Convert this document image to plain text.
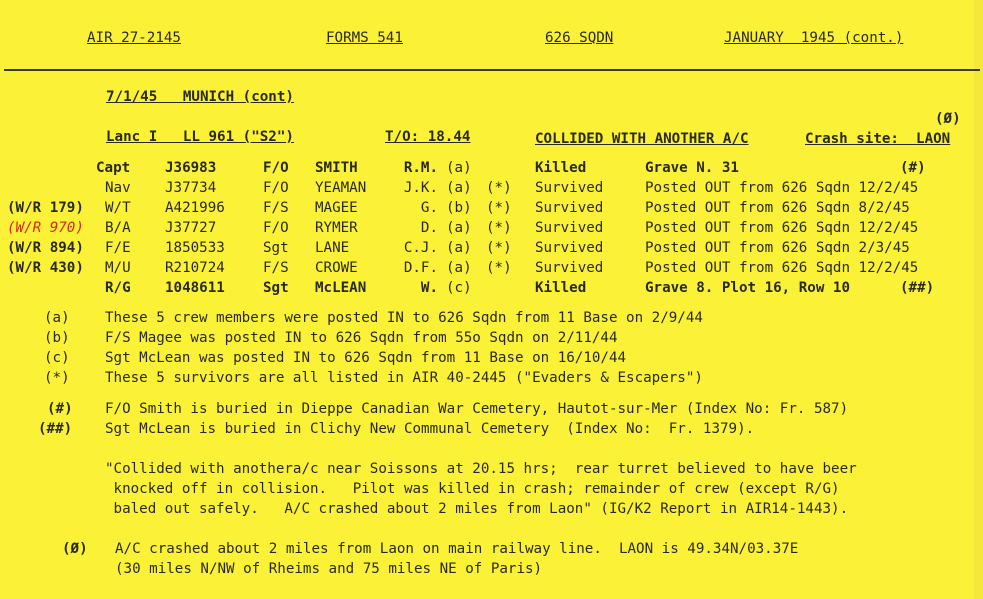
AIR 27-2145	FORMS 541	626 SQDN	JANUARY  1945 (cont.)
7/1/45   MUNICH (cont)
(Ø)
Lanc I   LL 961 ("S2")	T/O: 18.44	COLLIDED WITH ANOTHER A/C	Crash site:  LAON
Capt J36983	F/O SMITH	R.M. (a)	Killed	Grave N. 31	(#)
Nav J37734	F/O YEAMAN	J.K. (a) (*) Survived	Posted OUT from 626 Sqdn 12/2/45
(W/R 179) W/T A421996	F/S MAGEE	G. (b) (*) Survived	Posted OUT from 626 Sqdn 8/2/45
(W/R 970) B/A J37727	F/O RYMER	D. (a) (*) Survived	Posted OUT from 626 Sqdn 12/2/45
(W/R 894) F/E 1850533	Sgt LANE	C.J. (a) (*) Survived	Posted OUT from 626 Sqdn 2/3/45
(W/R 430) M/U R210724	F/S CROWE	D.F. (a) (*) Survived	Posted OUT from 626 Sqdn 12/2/45
R/G 1048611	Sgt McLEAN	W. (c)	Killed	Grave 8. Plot 16, Row 10	(##)
(a) These 5 crew members were posted IN to 626 Sqdn from 11 Base on 2/9/44
(b) F/S Magee was posted IN to 626 Sqdn from 55o Sqdn on 2/11/44
(c) Sgt McLean was posted IN to 626 Sqdn from 11 Base on 16/10/44
(*) These 5 survivors are all listed in AIR 40-2445 ("Evaders & Escapers")
(#) F/O Smith is buried in Dieppe Canadian War Cemetery, Hautot-sur-Mer (Index No: Fr. 587)
(##) Sgt McLean is buried in Clichy New Communal Cemetery  (Index No:  Fr. 1379).
"Collided with anothera/c near Soissons at 20.15 hrs;  rear turret believed to have beer
knocked off in collision.   Pilot was killed in crash; remainder of crew (except R/G)
baled out safely.   A/C crashed about 2 miles from Laon" (IG/K2 Report in AIR14-1443).
(Ø) A/C crashed about 2 miles from Laon on main railway line.  LAON is 49.34N/03.37E
(30 miles N/NW of Rheims and 75 miles NE of Paris)
